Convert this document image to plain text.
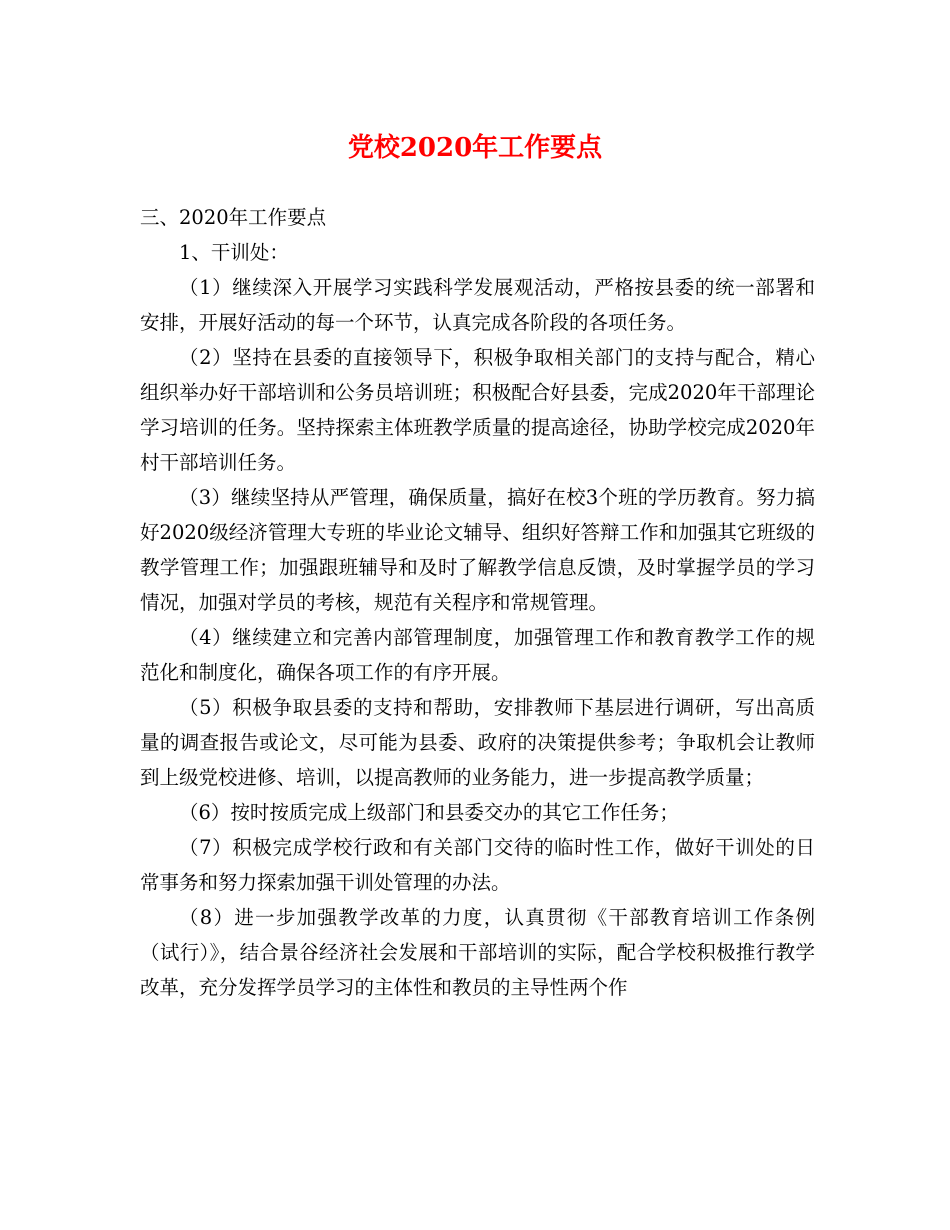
党校2020年工作要点

三、2020年工作要点

1、干训处：

（1）继续深入开展学习实践科学发展观活动，严格按县委的统一部署和安排，开展好活动的每一个环节，认真完成各阶段的各项任务。

（2）坚持在县委的直接领导下，积极争取相关部门的支持与配合，精心组织举办好干部培训和公务员培训班；积极配合好县委，完成2020年干部理论学习培训的任务。坚持探索主体班教学质量的提高途径，协助学校完成2020年村干部培训任务。

（3）继续坚持从严管理，确保质量，搞好在校3个班的学历教育。努力搞好2020级经济管理大专班的毕业论文辅导、组织好答辩工作和加强其它班级的教学管理工作；加强跟班辅导和及时了解教学信息反馈，及时掌握学员的学习情况，加强对学员的考核，规范有关程序和常规管理。

（4）继续建立和完善内部管理制度，加强管理工作和教育教学工作的规范化和制度化，确保各项工作的有序开展。

（5）积极争取县委的支持和帮助，安排教师下基层进行调研，写出高质量的调查报告或论文，尽可能为县委、政府的决策提供参考；争取机会让教师到上级党校进修、培训，以提高教师的业务能力，进一步提高教学质量；

（6）按时按质完成上级部门和县委交办的其它工作任务；

（7）积极完成学校行政和有关部门交待的临时性工作，做好干训处的日常事务和努力探索加强干训处管理的办法。

（8）进一步加强教学改革的力度，认真贯彻《干部教育培训工作条例（试行）》，结合景谷经济社会发展和干部培训的实际，配合学校积极推行教学改革，充分发挥学员学习的主体性和教员的主导性两个作
